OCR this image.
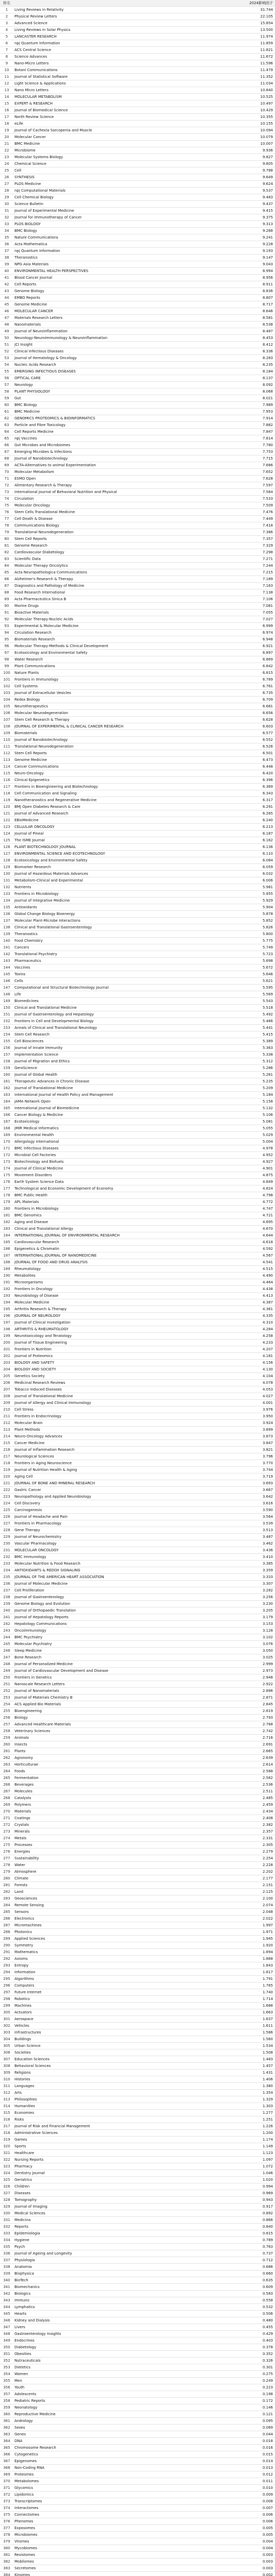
排名	2024影响因子
1	Living Reviews in Relativity	31.744
2	Physical Review Letters	22.105
3	Advanced Science	15.854
4	Living Reviews in Solar Physics	13.500
5	LANCASTER RESEARCH	11.974
6	npj Quantum Information	11.859
7	ACS Central Science	11.821
8	Science Advances	11.672
9	Nano-Micro Letters	11.596
10	Botani Communications	11.479
11	Journal of Statistical Software	11.352
12	Light Science & Applications	11.034
13	Nano Micro Letters	10.840
14	MOLECULAR METABOLISM	10.525
15	EXPERT & RESEARCH	10.497
16	Journal of Biomedical Science	10.429
17	North Review Science	10.355
18	eLife	10.155
19	Journal of Cachexia Sarcopenia and Muscle	10.094
20	Molecular Cancer	10.079
21	BMC Medicine	10.007
22	Microbiome	9.936
23	Molecular Systems Biology	9.827
24	Chemical Science	9.805
25	Cell	9.788
26	SYNTHESIS	9.649
27	PLOS Medicine	9.624
28	npj Computational Materials	9.537
29	Cell Chemical Biology	9.483
30	Science Bulletin	9.437
31	Journal of Experimental Medicine	9.415
32	Journal for Immunotherapy of Cancer	9.375
33	PLOS BIOLOGY	9.313
34	BMC Biology	9.268
35	Nature Communications	9.241
36	Acta Mathematica	9.228
37	npj Quantum Information	9.193
38	Theranostics	9.147
39	NPG Asia Materials	9.043
40	ENVIRONMENTAL HEALTH PERSPECTIVES	8.994
41	Blood Cancer Journal	8.956
42	Cell Reports	8.911
43	Genome Biology	8.836
44	EMBO Reports	8.807
45	Genome Medicine	8.717
46	MOLECULAR CANCER	8.646
47	Materials Research Letters	8.581
48	Nanomaterials	8.538
49	Journal of Neuroinflammation	8.487
50	Neurology-Neuroimmunology & Neuroinflammation	8.453
51	JCI Insight	8.412
52	Clinical Infectious Diseases	8.336
53	Journal of Hematology & Oncology	8.283
54	Nucleic Acids Research	8.235
55	EMERGING INFECTIOUS DISEASES	8.184
56	OPTICAL CARE	8.137
57	Neurology	8.092
58	PLANT PHYSIOLOGY	8.068
59	Gut	8.021
60	BMC Biology	7.989
61	BMC Medicine	7.953
62	GENOMICS PROTEOMICS & BIOINFORMATICS	7.914
63	Particle and Fibre Toxicology	7.882
64	Cell Reports Medicine	7.847
65	npj Vaccines	7.814
66	Gut Microbes and Microbiomes	7.780
67	Emerging Microbes & Infections	7.753
68	Journal of Nanobiotechnology	7.715
69	ACTA-Alternatives to animal Experimentation	7.686
70	Molecular Metabolism	7.652
71	ESMO Open	7.628
72	Alimentary Research & Therapy	7.597
73	International Journal of Behavioral Nutrition and Physical	7.564
74	Circulation	7.533
75	Molecular Oncology	7.509
76	Stem Cells Translational Medicine	7.476
77	Cell Death & Disease	7.449
78	Communications Biology	7.418
79	Translational Neurodegeneration	7.386
80	Stem Cell Reports	7.357
81	Genome Research	7.329
82	Cardiovascular Diabetology	7.298
83	Scientific Data	7.271
84	Molecular Therapy Oncolytics	7.244
85	Acta Neuropathologica Communications	7.215
86	Alzheimer's Research & Therapy	7.189
87	Diagnostics and Pathology of Medicine	7.163
88	Food Research International	7.138
89	Acta Pharmaceutica Sinica B	7.106
90	Marine Drugs	7.081
91	Bioactive Materials	7.055
92	Molecular Therapy-Nucleic Acids	7.027
93	Experimental & Molecular Medicine	6.999
94	Circulation Research	6.974
95	Biomaterials Research	6.948
96	Molecular Therapy-Methods & Clinical Development	6.921
97	Ecotoxicology and Environmental Safety	6.897
98	Water Research	6.869
99	Plant Communications	6.842
100	Nature Plants	6.815
101	Frontiers in Immunology	6.789
102	Cell Systems	6.761
103	Journal of Extracellular Vesicles	6.735
104	Redox Biology	6.709
105	Neurotherapeutics	6.681
106	Molecular Neurodegeneration	6.656
107	Stem Cell Research & Therapy	6.628
108	JOURNAL OF EXPERIMENTAL & CLINICAL CANCER RESEARCH	6.603
109	Biomaterials	6.577
110	Journal of Nanobiotechnology	6.552
111	Translational Neurodegeneration	6.526
112	Stem Cell Reports	6.501
113	Genome Medicine	6.473
114	Cancer Communications	6.448
115	Neuro-Oncology	6.420
116	Clinical Epigenetics	6.396
117	Frontiers in Bioengineering and Biotechnology	6.369
118	Cell Communication and Signaling	6.343
119	Nanotheranostics and Regenerative Medicine	6.317
120	BMJ Open Diabetes Research & Care	6.291
121	Journal of Advanced Research	6.265
122	EBioMedicine	6.240
123	CELLULAR ONCOLOGY	6.213
124	Journal of Pineal	6.187
125	The ISME Journal	6.162
126	PLANT BIOTECHNOLOGY JOURNAL	6.136
127	ENVIRONMENTAL SCIENCE AND ECOTECHNOLOGY	6.110
128	Ecotoxicology and Environmental Safety	6.084
129	Biomarker Research	6.059
130	Journal of Hazardous Materials Advances	6.032
131	Metabolism-Clinical and Experimental	6.006
132	Nutrients	5.981
133	Frontiers in Microbiology	5.955
134	Journal of Integrative Medicine	5.929
135	Antioxidants	5.904
136	Global Change Biology Bioenergy	5.878
137	Molecular Plant-Microbe Interactions	5.852
138	Clinical and Translational Gastroenterology	5.826
139	Theranostics	5.800
140	Food Chemistry	5.775
141	Cancers	5.749
142	Translational Psychiatry	5.723
143	Pharmaceutics	5.698
144	Vaccines	5.672
145	Toxins	5.646
146	Cells	5.621
147	Computational and Structural Biotechnology Journal	5.595
148	Life	5.569
149	Biomedicines	5.543
150	Clinical and Translational Medicine	5.518
151	Journal of Gastroenterology and Hepatology	5.492
152	Frontiers in Cell and Developmental Biology	5.466
153	Annals of Clinical and Translational Neurology	5.441
154	Stem Cell Research	5.415
155	Cell Biosciences	5.389
156	Journal of Innate Immunity	5.363
157	Implementation Science	5.338
158	Journal of Migration and Ethics	5.312
159	GeroScience	5.286
160	Journal of Global Health	5.261
161	Therapeutic Advances in Chronic Disease	5.235
162	Journal of Translational Medicine	5.209
163	International Journal of Health Policy and Management	5.184
164	JAMA Network Open	5.158
165	International Journal of Biomedicine	5.132
166	Cancer Biology & Medicine	5.106
167	Ecotoxicology	5.081
168	JMIR Medical Informatics	5.055
169	Environmental Health	5.029
170	Allergology International	5.004
171	BMC Infectious Diseases	4.978
172	Microbial Cell Factories	4.952
173	Biotechnology and Biofuels	4.927
174	Journal of Clinical Medicine	4.901
175	Movement Disorders	4.875
176	Earth System Science Data	4.849
177	Technological and Economic Development of Economy	4.824
178	BMC Public Health	4.798
179	APL Materials	4.772
180	Frontiers in Microbiology	4.747
181	BMC Genomics	4.721
182	Aging and Disease	4.695
183	Clinical and Translational Allergy	4.670
184	INTERNATIONAL JOURNAL OF ENVIRONMENTAL RESEARCH	4.644
185	Cardiovascular Research	4.618
186	Epigenetics & Chromatin	4.592
187	INTERNATIONAL JOURNAL OF NANOMEDICINE	4.567
188	JOURNAL OF FOOD AND DRUG ANALYSIS	4.541
189	Rheumatology	4.515
190	Metabolites	4.490
191	Microorganisms	4.464
192	Frontiers in Oncology	4.438
193	Neurobiology of Disease	4.413
194	Molecular Medicine	4.387
195	Arthritis Research & Therapy	4.361
196	JOURNAL OF NEUROLOGY	4.335
197	Journal of Clinical Investigation	4.310
198	ARTHRITIS & RHEUMATOLOGY	4.284
199	Neurotoxicology and Teratology	4.258
200	Journal of Tissue Engineering	4.233
201	Frontiers in Nutrition	4.207
202	Journal of Proteomics	4.181
203	BIOLOGY AND SAFETY	4.156
204	BIOLOGY AND SOCIETY	4.130
205	Genetics Society	4.104
206	Medicinal Research Reviews	4.078
207	Tobacco Induced Diseases	4.053
208	Journal of Translational Medicine	4.027
209	Journal of Allergy and Clinical Immunology	4.001
210	Cell Stress	3.976
211	Frontiers in Endocrinology	3.950
212	Molecular Brain	3.924
213	Plant Methods	3.899
214	Neuro-Oncology Advances	3.873
215	Cancer Medicine	3.847
216	Journal of Inflammation Research	3.821
217	Neurological Sciences	3.796
218	Frontiers in Aging Neuroscience	3.770
219	Journal of Nutrition Health & Aging	3.744
220	Aging Cell	3.719
221	JOURNAL OF BONE AND MINERAL RESEARCH	3.693
222	Gastric Cancer	3.667
223	Neuropathology and Applied Neurobiology	3.642
224	Cell Discovery	3.616
225	Carcinogenesis	3.590
226	Journal of Headache and Pain	3.564
227	Frontiers in Pharmacology	3.539
228	Gene Therapy	3.513
229	Journal of Neurochemistry	3.487
230	Vascular Pharmacology	3.462
231	MOLECULAR ONCOLOGY	3.436
232	BMC Immunology	3.410
233	Molecular Nutrition & Food Research	3.385
234	ANTIOXIDANTS & REDOX SIGNALING	3.359
235	JOURNAL OF THE AMERICAN HEART ASSOCIATION	3.333
236	Journal of Molecular Medicine	3.307
237	Cell Proliferation	3.282
238	Journal of Gastroenterology	3.256
239	Genome Biology and Evolution	3.230
240	Journal of Orthopaedic Translation	3.205
241	Journal of Hepatology Reports	3.179
242	Hepatology Communications	3.153
243	Oncoimmunology	3.128
244	BMC Psychiatry	3.102
245	Molecular Psychiatry	3.076
246	Sleep Medicine	3.050
247	Bone Research	3.025
248	Journal of Personalized Medicine	2.999
249	Journal of Cardiovascular Development and Disease	2.973
250	Frontiers in Genetics	2.948
251	Nanoscale Research Letters	2.922
252	Journal of Nanomaterials	2.896
253	Journal of Materials Chemistry B	2.871
254	ACS Applied Bio Materials	2.845
255	Bioengineering	2.819
256	Biology	2.793
257	Advanced Healthcare Materials	2.768
258	Veterinary Sciences	2.742
259	Animals	2.716
260	Insects	2.691
261	Plants	2.665
262	Agronomy	2.639
263	Horticulturae	2.614
264	Foods	2.588
265	Fermentation	2.562
266	Beverages	2.536
267	Molecules	2.511
268	Catalysts	2.485
269	Polymers	2.459
270	Materials	2.434
271	Coatings	2.408
272	Crystals	2.382
273	Minerals	2.357
274	Metals	2.331
275	Processes	2.305
276	Energies	2.279
277	Sustainability	2.254
278	Water	2.228
279	Atmosphere	2.202
280	Climate	2.177
281	Forests	2.151
282	Land	2.125
283	Geosciences	2.100
284	Remote Sensing	2.074
285	Sensors	2.048
286	Electronics	2.022
287	Micromachines	1.997
288	Photonics	1.971
289	Applied Sciences	1.945
290	Symmetry	1.920
291	Mathematics	1.894
292	Axioms	1.868
293	Entropy	1.843
294	Information	1.817
295	Algorithms	1.791
296	Computers	1.765
297	Future Internet	1.740
298	Robotics	1.714
299	Machines	1.688
300	Actuators	1.663
301	Aerospace	1.637
302	Vehicles	1.611
303	Infrastructures	1.586
304	Buildings	1.560
305	Urban Science	1.534
306	Societies	1.508
307	Education Sciences	1.483
308	Behavioral Sciences	1.457
309	Religions	1.431
310	Histories	1.406
311	Languages	1.380
312	Arts	1.354
313	Philosophies	1.329
314	Humanities	1.303
315	Economies	1.277
316	Risks	1.251
317	Journal of Risk and Financial Management	1.226
318	Administrative Sciences	1.200
319	Games	1.174
320	Sports	1.149
321	Healthcare	1.123
322	Nursing Reports	1.097
323	Pharmacy	1.072
324	Dentistry Journal	1.046
325	Geriatrics	1.020
326	Children	0.994
327	Diseases	0.969
328	Tomography	0.943
329	Journal of Imaging	0.917
330	Medical Sciences	0.892
331	Medicina	0.866
332	Reports	0.840
333	Epidemiologia	0.815
334	Hygiene	0.789
335	Psych	0.763
336	Journal of Ageing and Longevity	0.737
337	Physiologia	0.712
338	Anatomia	0.686
339	Biophysica	0.660
340	BioTech	0.635
341	Biomechanics	0.609
342	Biologics	0.583
343	Immuno	0.558
344	Lymphatics	0.532
345	Hearts	0.506
346	Kidney and Dialysis	0.480
347	Livers	0.455
348	Gastroenterology Insights	0.429
349	Endocrines	0.403
350	Diabetology	0.378
351	Obesities	0.352
352	Nutraceuticals	0.326
353	Dietetics	0.301
354	Women	0.275
355	Men	0.249
356	Youth	0.223
357	Adolescents	0.198
358	Pediatric Reports	0.172
359	Neonatology	0.146
360	Reproductive Medicine	0.121
361	Andrology	0.095
362	Sexes	0.069
363	Genes	0.044
364	DNA	0.018
365	Chromosome Research	0.016
366	Cytogenetics	0.015
367	Epigenomes	0.014
368	Non-Coding RNA	0.013
369	Proteomes	0.012
370	Metabolomes	0.011
371	Glycomics	0.010
372	Lipidomics	0.009
373	Transcriptomes	0.008
374	Interactomes	0.007
375	Connectomes	0.006
376	Phenomes	0.006
377	Exposomes	0.005
378	Microbiomes	0.005
379	Viromes	0.004
380	Mycobiomes	0.004
381	Resistomes	0.003
382	Mobilomes	0.003
383	Secretomes	0.003
384	Kinomes	0.002
